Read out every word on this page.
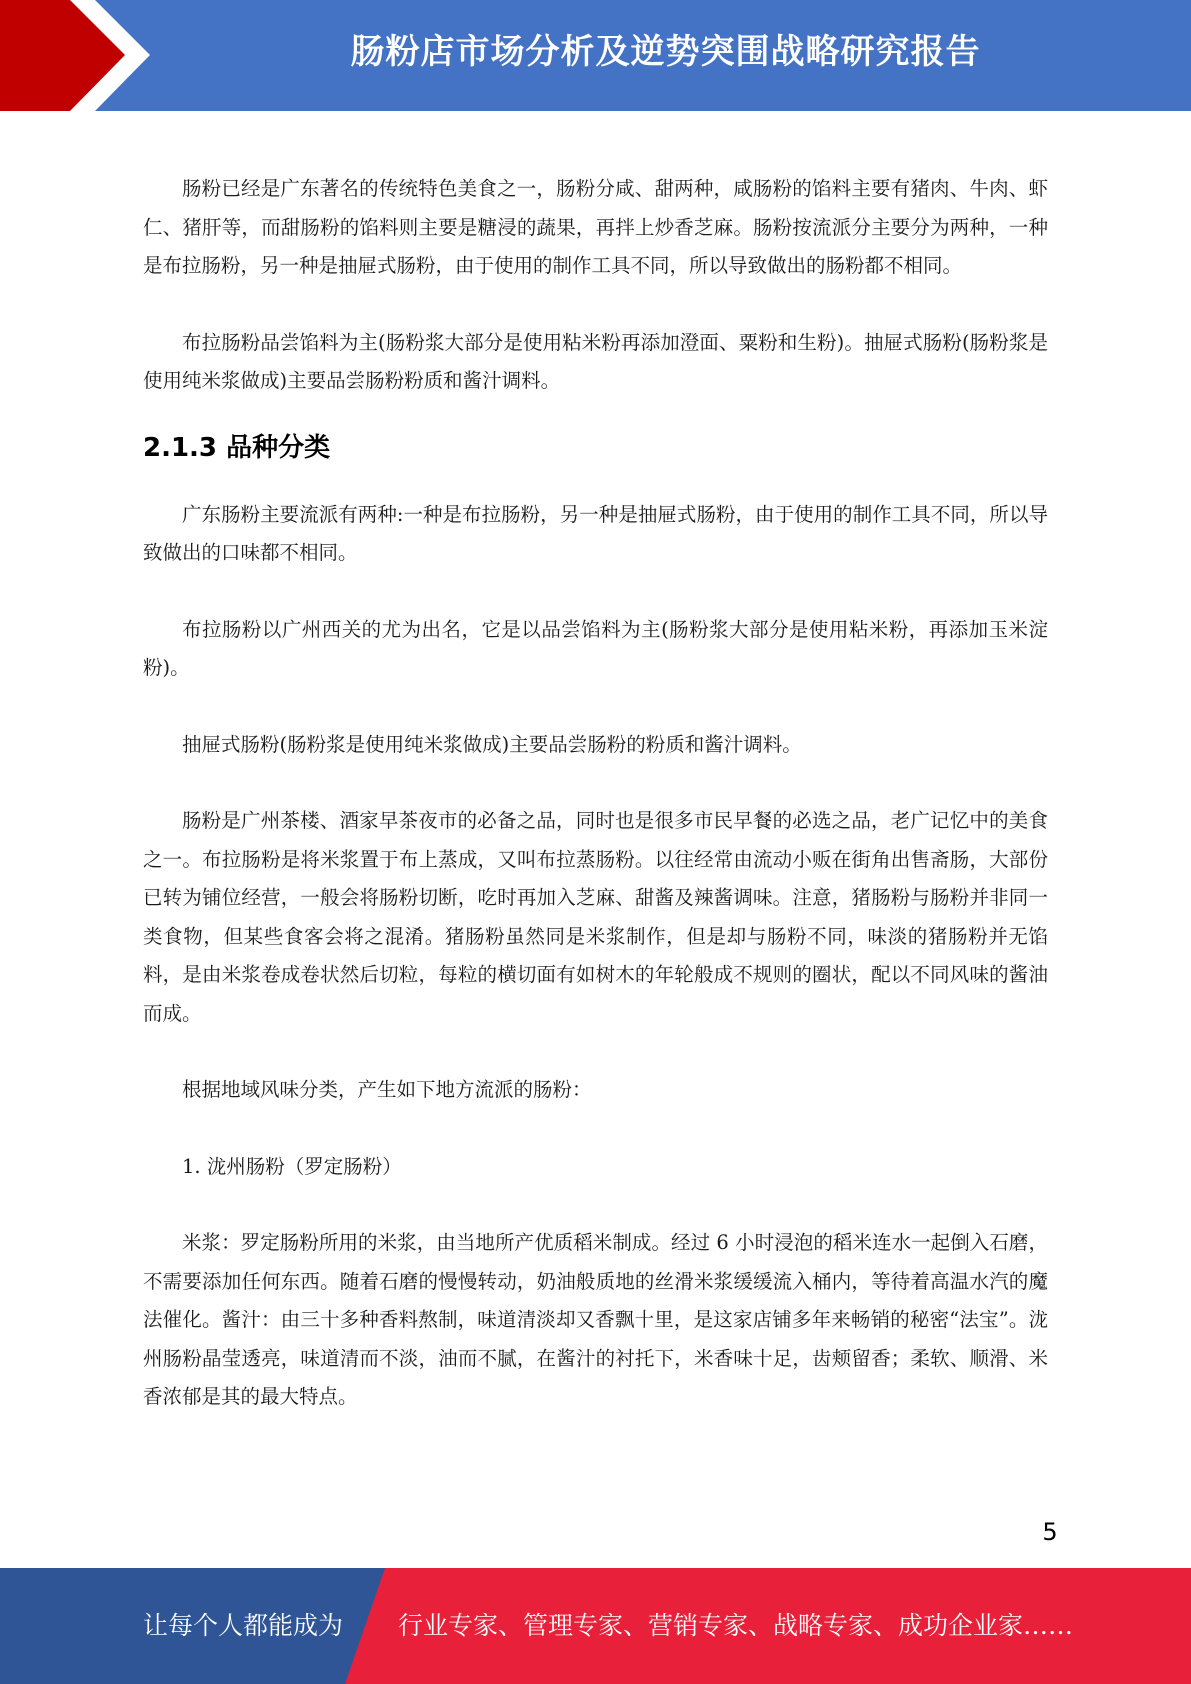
肠粉店市场分析及逆势突围战略研究报告

肠粉已经是广东著名的传统特色美食之一，肠粉分咸、甜两种，咸肠粉的馅料主要有猪肉、牛肉、虾仁、猪肝等，而甜肠粉的馅料则主要是糖浸的蔬果，再拌上炒香芝麻。肠粉按流派分主要分为两种，一种是布拉肠粉，另一种是抽屉式肠粉，由于使用的制作工具不同，所以导致做出的肠粉都不相同。

布拉肠粉品尝馅料为主(肠粉浆大部分是使用粘米粉再添加澄面、粟粉和生粉)。抽屉式肠粉(肠粉浆是使用纯米浆做成)主要品尝肠粉粉质和酱汁调料。

2.1.3 品种分类

广东肠粉主要流派有两种:一种是布拉肠粉，另一种是抽屉式肠粉，由于使用的制作工具不同，所以导致做出的口味都不相同。

布拉肠粉以广州西关的尤为出名，它是以品尝馅料为主(肠粉浆大部分是使用粘米粉，再添加玉米淀粉)。

抽屉式肠粉(肠粉浆是使用纯米浆做成)主要品尝肠粉的粉质和酱汁调料。

肠粉是广州茶楼、酒家早茶夜市的必备之品，同时也是很多市民早餐的必选之品，老广记忆中的美食之一。布拉肠粉是将米浆置于布上蒸成，又叫布拉蒸肠粉。以往经常由流动小贩在街角出售斋肠，大部份已转为铺位经营，一般会将肠粉切断，吃时再加入芝麻、甜酱及辣酱调味。注意，猪肠粉与肠粉并非同一类食物，但某些食客会将之混淆。猪肠粉虽然同是米浆制作，但是却与肠粉不同，味淡的猪肠粉并无馅料，是由米浆卷成卷状然后切粒，每粒的横切面有如树木的年轮般成不规则的圈状，配以不同风味的酱油而成。

根据地域风味分类，产生如下地方流派的肠粉：

1. 泷州肠粉（罗定肠粉）

米浆：罗定肠粉所用的米浆，由当地所产优质稻米制成。经过 6 小时浸泡的稻米连水一起倒入石磨，不需要添加任何东西。随着石磨的慢慢转动，奶油般质地的丝滑米浆缓缓流入桶内，等待着高温水汽的魔法催化。酱汁：由三十多种香料熬制，味道清淡却又香飘十里，是这家店铺多年来畅销的秘密“法宝”。泷州肠粉晶莹透亮，味道清而不淡，油而不腻，在酱汁的衬托下，米香味十足，齿颊留香；柔软、顺滑、米香浓郁是其的最大特点。

5
让每个人都能成为 行业专家、管理专家、营销专家、战略专家、成功企业家……
